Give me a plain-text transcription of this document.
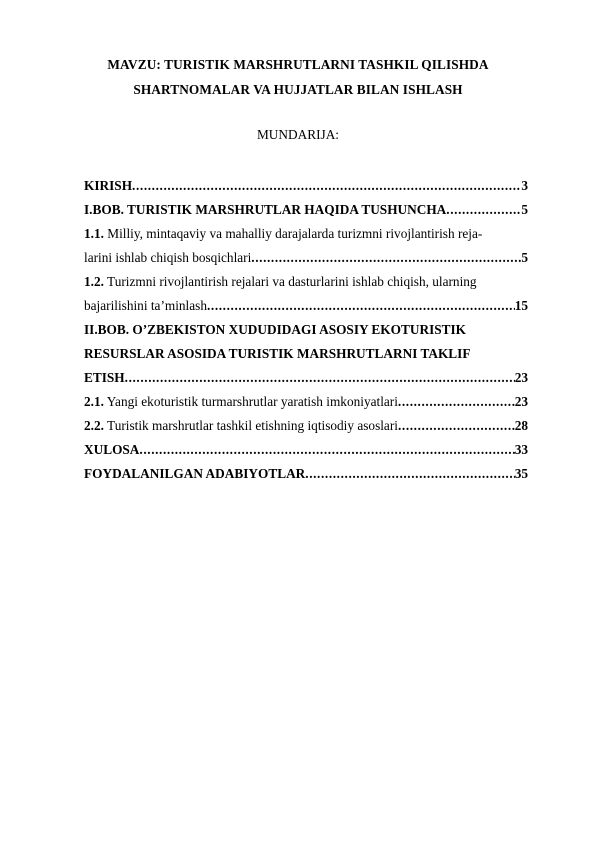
MAVZU: TURISTIK MARSHRUTLARNI TASHKIL QILISHDA
SHARTNOMALAR VA HUJJATLAR BILAN ISHLASH
MUNDARIJA:
KIRISH .....	3
I.BOB. TURISTIK MARSHRUTLAR HAQIDA TUSHUNCHA .....	5
1.1. Milliy, mintaqaviy va mahalliy darajalarda turizmni rivojlantirish reja-
larini ishlab chiqish bosqichlari .....	5
1.2. Turizmni rivojlantirish rejalari va dasturlarini ishlab chiqish, ularning
bajarilishini ta’minlash .....	15
II.BOB. O’ZBEKISTON XUDUDIDAGI ASOSIY EKOTURISTIK
RESURSLAR ASOSIDA TURISTIK MARSHRUTLARNI TAKLIF
ETISH .....	23
2.1. Yangi ekoturistik turmarshrutlar yaratish imkoniyatlari .....	23
2.2. Turistik marshrutlar tashkil etishning iqtisodiy asoslari .....	28
XULOSA .....	33
FOYDALANILGAN ADABIYOTLAR .....	35
